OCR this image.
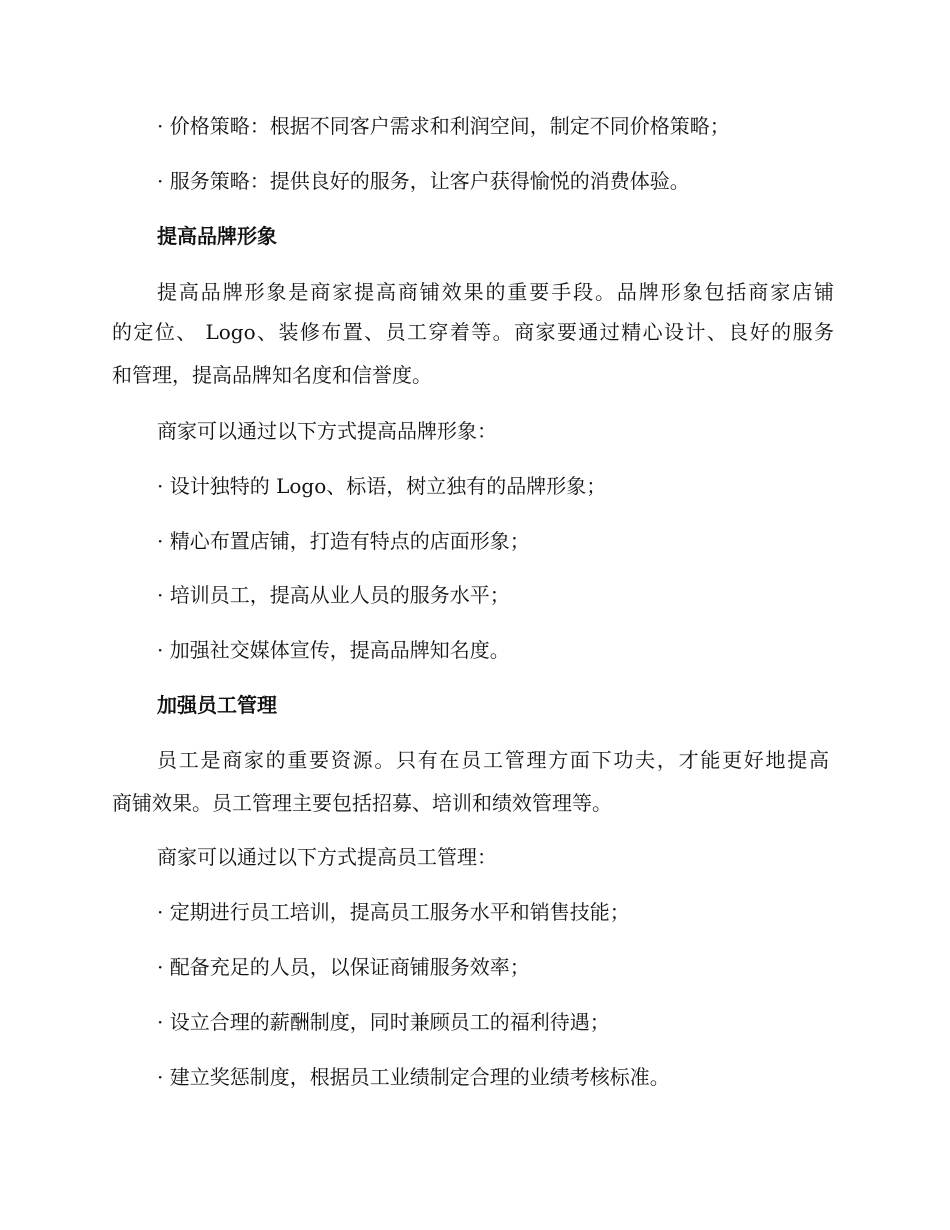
· 价格策略：根据不同客户需求和利润空间，制定不同价格策略；

· 服务策略：提供良好的服务，让客户获得愉悦的消费体验。

提高品牌形象

提高品牌形象是商家提高商铺效果的重要手段。品牌形象包括商家店铺

的定位、 Logo、装修布置、员工穿着等。商家要通过精心设计、良好的服务

和管理，提高品牌知名度和信誉度。

商家可以通过以下方式提高品牌形象：

· 设计独特的 Logo、标语，树立独有的品牌形象；

· 精心布置店铺，打造有特点的店面形象；

· 培训员工，提高从业人员的服务水平；

· 加强社交媒体宣传，提高品牌知名度。

加强员工管理

员工是商家的重要资源。只有在员工管理方面下功夫，才能更好地提高

商铺效果。员工管理主要包括招募、培训和绩效管理等。

商家可以通过以下方式提高员工管理：

· 定期进行员工培训，提高员工服务水平和销售技能；

· 配备充足的人员，以保证商铺服务效率；

· 设立合理的薪酬制度，同时兼顾员工的福利待遇；

· 建立奖惩制度，根据员工业绩制定合理的业绩考核标准。
